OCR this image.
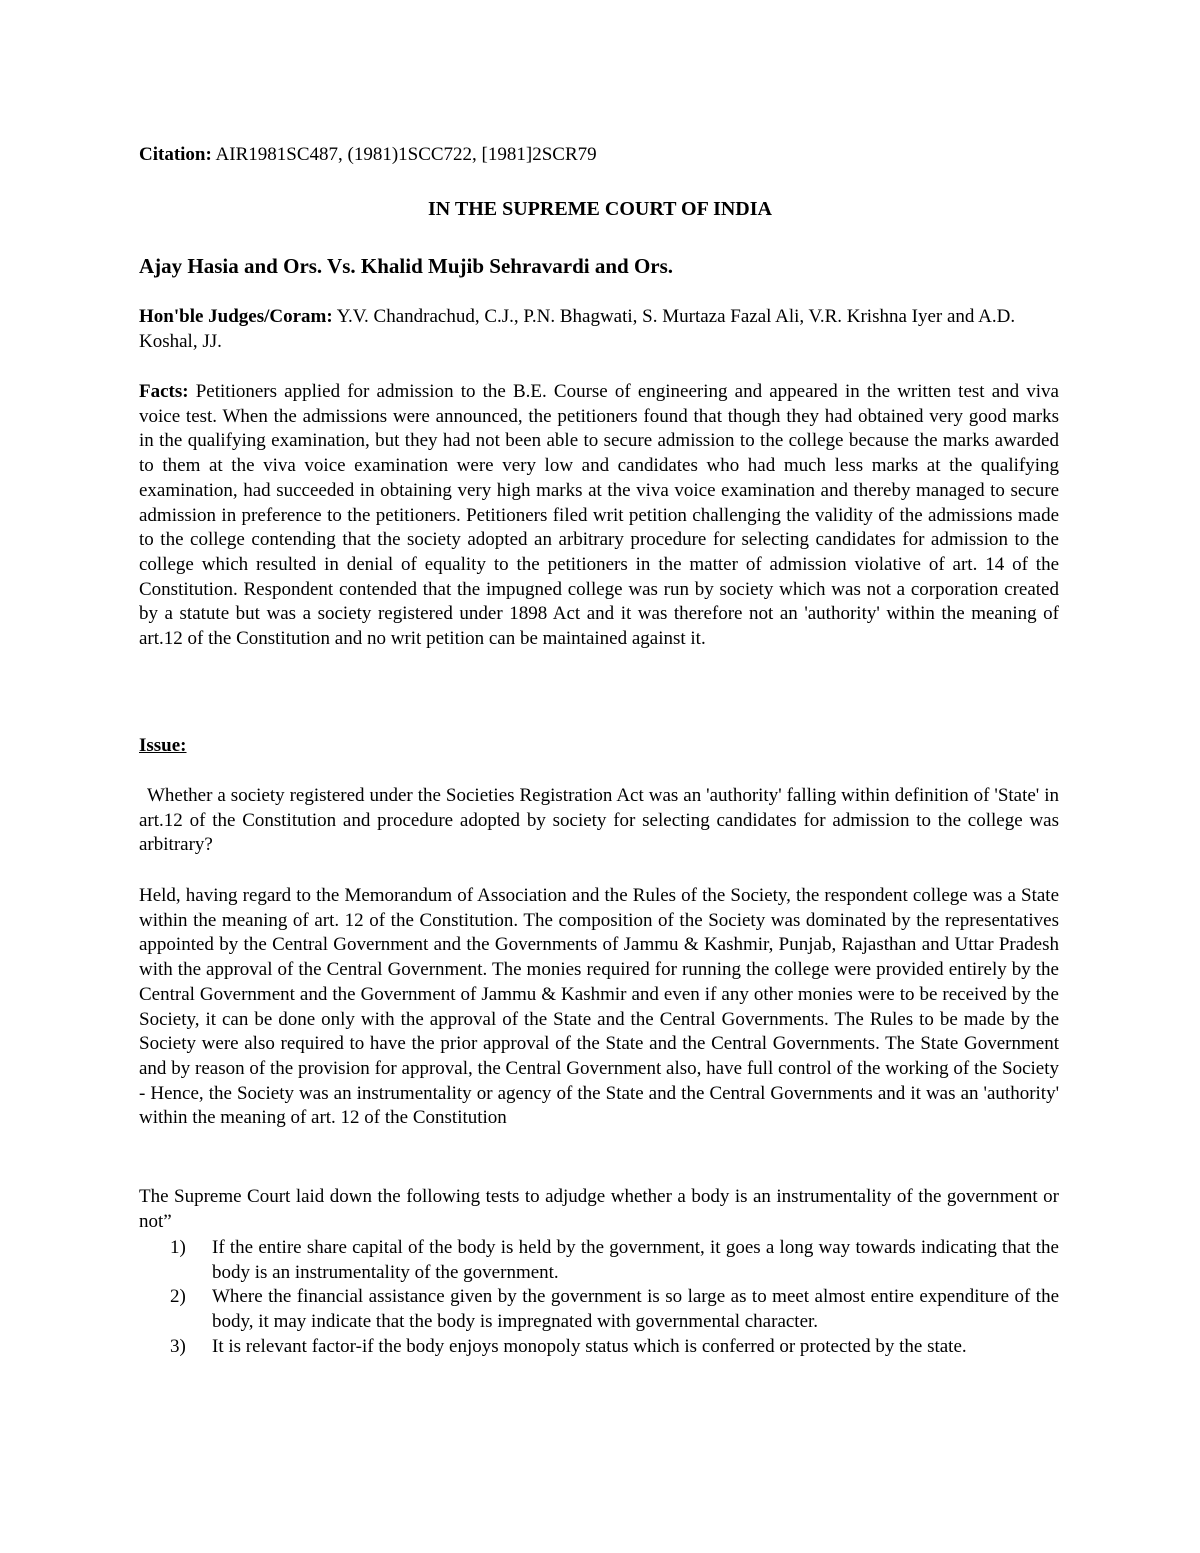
Citation: AIR1981SC487, (1981)1SCC722, [1981]2SCR79

IN THE SUPREME COURT OF INDIA

Ajay Hasia and Ors. Vs. Khalid Mujib Sehravardi and Ors.

Hon'ble Judges/Coram: Y.V. Chandrachud, C.J., P.N. Bhagwati, S. Murtaza Fazal Ali, V.R. Krishna Iyer and A.D. Koshal, JJ.

Facts: Petitioners applied for admission to the B.E. Course of engineering and appeared in the written test and viva voice test. When the admissions were announced, the petitioners found that though they had obtained very good marks in the qualifying examination, but they had not been able to secure admission to the college because the marks awarded to them at the viva voice examination were very low and candidates who had much less marks at the qualifying examination, had succeeded in obtaining very high marks at the viva voice examination and thereby managed to secure admission in preference to the petitioners. Petitioners filed writ petition challenging the validity of the admissions made to the college contending that the society adopted an arbitrary procedure for selecting candidates for admission to the college which resulted in denial of equality to the petitioners in the matter of admission violative of art. 14 of the Constitution. Respondent contended that the impugned college was run by society which was not a corporation created by a statute but was a society registered under 1898 Act and it was therefore not an 'authority' within the meaning of art.12 of the Constitution and no writ petition can be maintained against it.

Issue:

Whether a society registered under the Societies Registration Act was an 'authority' falling within definition of 'State' in art.12 of the Constitution and procedure adopted by society for selecting candidates for admission to the college was arbitrary?

Held, having regard to the Memorandum of Association and the Rules of the Society, the respondent college was a State within the meaning of art. 12 of the Constitution. The composition of the Society was dominated by the representatives appointed by the Central Government and the Governments of Jammu & Kashmir, Punjab, Rajasthan and Uttar Pradesh with the approval of the Central Government. The monies required for running the college were provided entirely by the Central Government and the Government of Jammu & Kashmir and even if any other monies were to be received by the Society, it can be done only with the approval of the State and the Central Governments. The Rules to be made by the Society were also required to have the prior approval of the State and the Central Governments. The State Government and by reason of the provision for approval, the Central Government also, have full control of the working of the Society - Hence, the Society was an instrumentality or agency of the State and the Central Governments and it was an 'authority' within the meaning of art. 12 of the Constitution

The Supreme Court laid down the following tests to adjudge whether a body is an instrumentality of the government or not”

1) If the entire share capital of the body is held by the government, it goes a long way towards indicating that the body is an instrumentality of the government.
2) Where the financial assistance given by the government is so large as to meet almost entire expenditure of the body, it may indicate that the body is impregnated with governmental character.
3) It is relevant factor-if the body enjoys monopoly status which is conferred or protected by the state.
